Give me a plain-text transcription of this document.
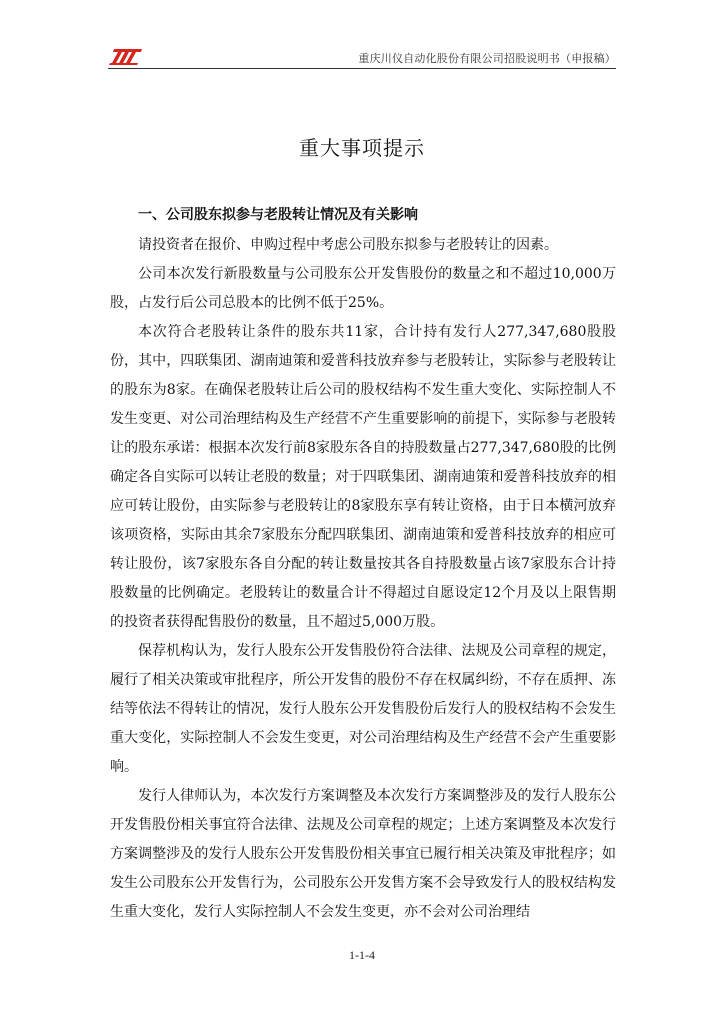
重庆川仪自动化股份有限公司招股说明书（申报稿）
重大事项提示
一、公司股东拟参与老股转让情况及有关影响

请投资者在报价、申购过程中考虑公司股东拟参与老股转让的因素。

公司本次发行新股数量与公司股东公开发售股份的数量之和不超过10,000万股，占发行后公司总股本的比例不低于25%。

本次符合老股转让条件的股东共11家，合计持有发行人277,347,680股股份，其中，四联集团、湖南迪策和爱普科技放弃参与老股转让，实际参与老股转让的股东为8家。在确保老股转让后公司的股权结构不发生重大变化、实际控制人不发生变更、对公司治理结构及生产经营不产生重要影响的前提下，实际参与老股转让的股东承诺：根据本次发行前8家股东各自的持股数量占277,347,680股的比例确定各自实际可以转让老股的数量；对于四联集团、湖南迪策和爱普科技放弃的相应可转让股份，由实际参与老股转让的8家股东享有转让资格，由于日本横河放弃该项资格，实际由其余7家股东分配四联集团、湖南迪策和爱普科技放弃的相应可转让股份，该7家股东各自分配的转让数量按其各自持股数量占该7家股东合计持股数量的比例确定。老股转让的数量合计不得超过自愿设定12个月及以上限售期的投资者获得配售股份的数量，且不超过5,000万股。

保荐机构认为，发行人股东公开发售股份符合法律、法规及公司章程的规定，履行了相关决策或审批程序，所公开发售的股份不存在权属纠纷，不存在质押、冻结等依法不得转让的情况，发行人股东公开发售股份后发行人的股权结构不会发生重大变化，实际控制人不会发生变更，对公司治理结构及生产经营不会产生重要影响。

发行人律师认为，本次发行方案调整及本次发行方案调整涉及的发行人股东公开发售股份相关事宜符合法律、法规及公司章程的规定；上述方案调整及本次发行方案调整涉及的发行人股东公开发售股份相关事宜已履行相关决策及审批程序；如发生公司股东公开发售行为，公司股东公开发售方案不会导致发行人的股权结构发生重大变化，发行人实际控制人不会发生变更，亦不会对公司治理结

1-1-4
